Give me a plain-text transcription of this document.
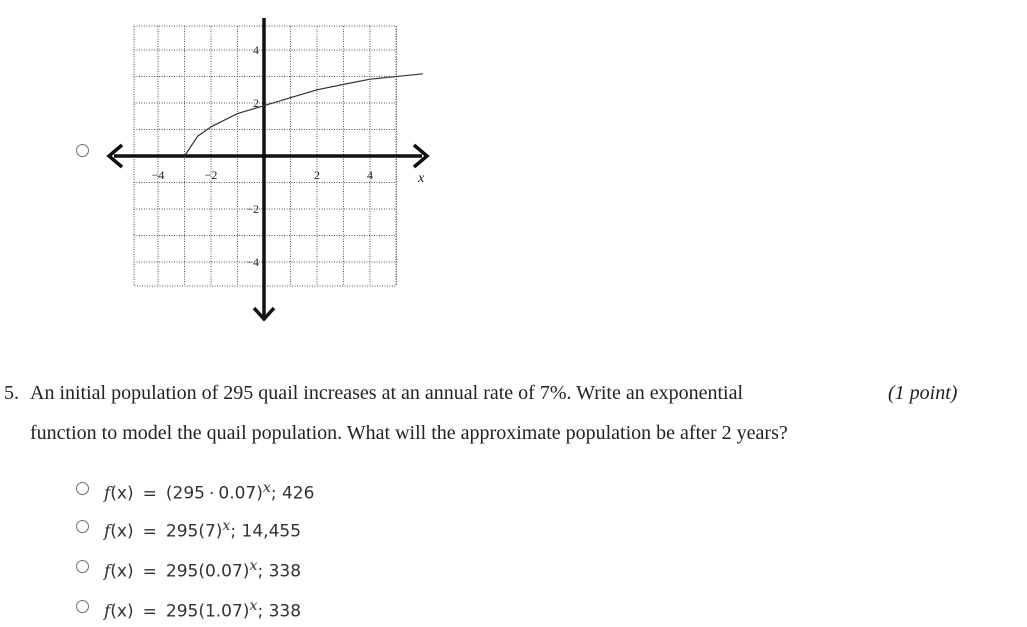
−4	−2	2	4
4
2
−2
−4
x
5. An initial population of 295 quail increases at an annual rate of 7%. Write an exponential
function to model the quail population. What will the approximate population be after 2 years?
(1 point)
$f(x) = (295 \cdot 0.07)^x$; 426
$f(x) = 295(7)^x$; 14,455
$f(x) = 295(0.07)^x$; 338
$f(x) = 295(1.07)^x$; 338
